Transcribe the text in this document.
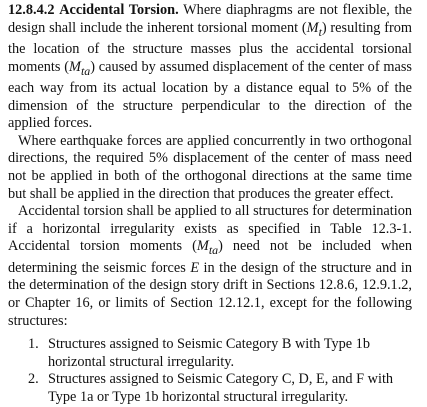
12.8.4.2 Accidental Torsion. Where diaphragms are not flexible, the design shall include the inherent torsional moment $(M_t)$ resulting from the location of the structure masses plus the accidental torsional moments $(M_{ta})$ caused by assumed displacement of the center of mass each way from its actual location by a distance equal to 5% of the dimension of the structure perpendicular to the direction of the applied forces.

Where earthquake forces are applied concurrently in two orthogonal directions, the required 5% displacement of the center of mass need not be applied in both of the orthogonal directions at the same time but shall be applied in the direction that produces the greater effect.

Accidental torsion shall be applied to all structures for determination if a horizontal irregularity exists as specified in Table 12.3-1. Accidental torsion moments $(M_{ta})$ need not be included when determining the seismic forces E in the design of the structure and in the determination of the design story drift in Sections 12.8.6, 12.9.1.2, or Chapter 16, or limits of Section 12.12.1, except for the following structures:

1. Structures assigned to Seismic Category B with Type 1b horizontal structural irregularity.
2. Structures assigned to Seismic Category C, D, E, and F with Type 1a or Type 1b horizontal structural irregularity.
